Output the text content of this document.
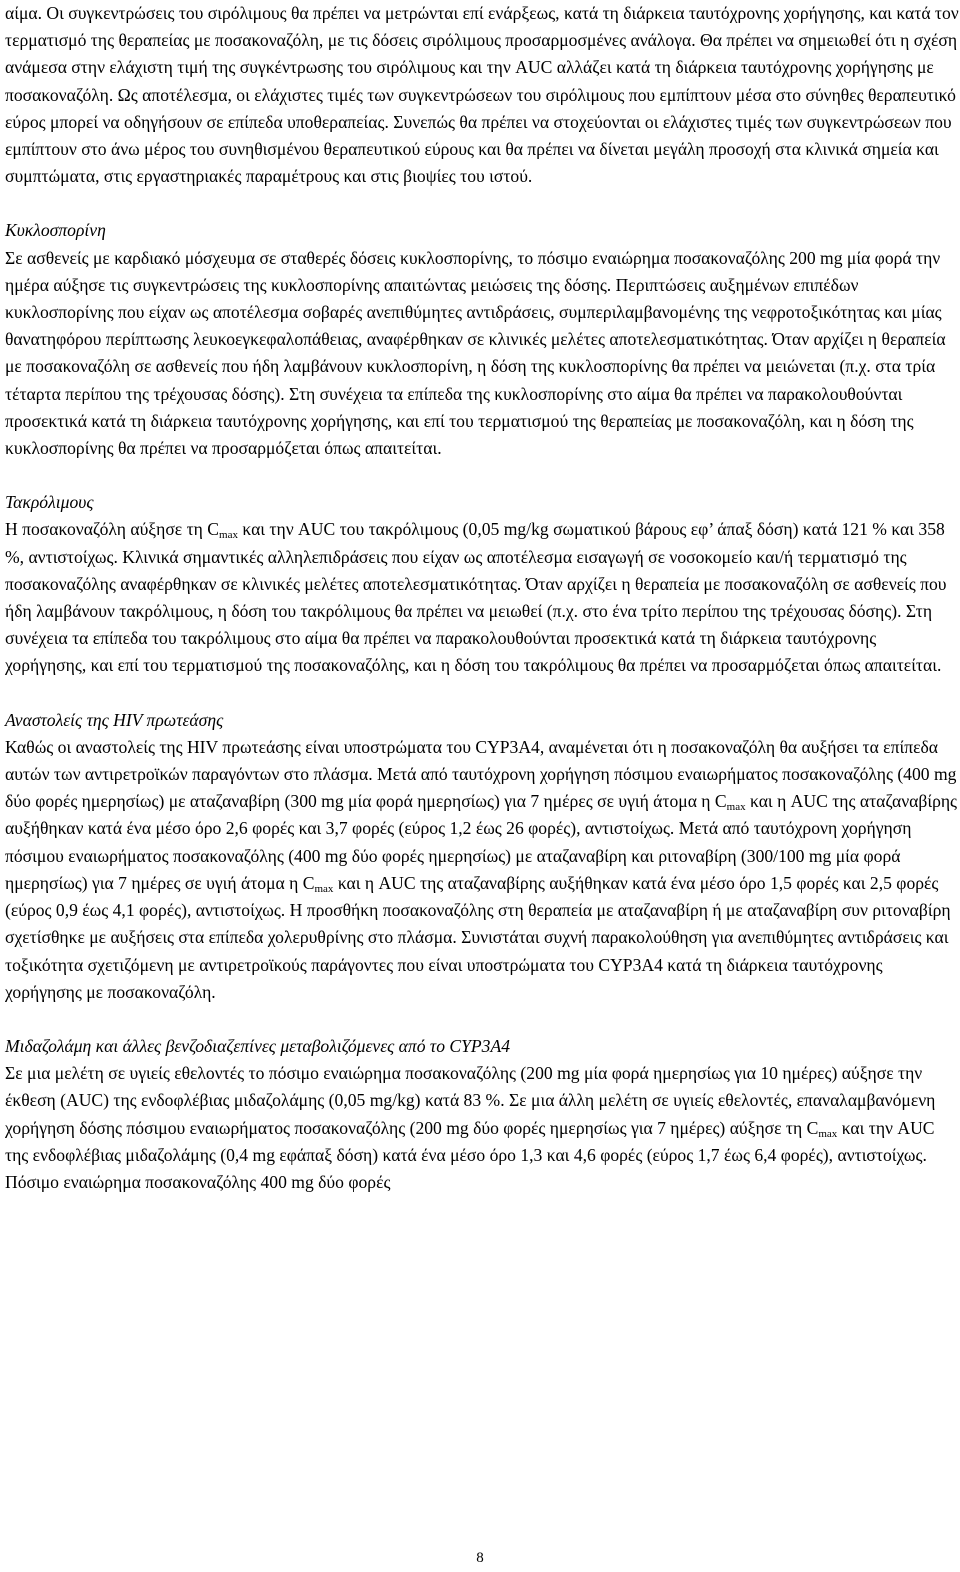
αίμα. Οι συγκεντρώσεις του σιρόλιμους θα πρέπει να μετρώνται επί ενάρξεως, κατά τη διάρκεια ταυτόχρονης χορήγησης, και κατά τον τερματισμό της θεραπείας με ποσακοναζόλη, με τις δόσεις σιρόλιμους προσαρμοσμένες ανάλογα. Θα πρέπει να σημειωθεί ότι η σχέση ανάμεσα στην ελάχιστη τιμή της συγκέντρωσης του σιρόλιμους και την AUC αλλάζει κατά τη διάρκεια ταυτόχρονης χορήγησης με ποσακοναζόλη. Ως αποτέλεσμα, οι ελάχιστες τιμές των συγκεντρώσεων του σιρόλιμους που εμπίπτουν μέσα στο σύνηθες θεραπευτικό εύρος μπορεί να οδηγήσουν σε επίπεδα υποθεραπείας. Συνεπώς θα πρέπει να στοχεύονται οι ελάχιστες τιμές των συγκεντρώσεων που εμπίπτουν στο άνω μέρος του συνηθισμένου θεραπευτικού εύρους και θα πρέπει να δίνεται μεγάλη προσοχή στα κλινικά σημεία και συμπτώματα, στις εργαστηριακές παραμέτρους και στις βιοψίες του ιστού.

Κυκλοσπορίνη

Σε ασθενείς με καρδιακό μόσχευμα σε σταθερές δόσεις κυκλοσπορίνης, το πόσιμο εναιώρημα ποσακοναζόλης 200 mg μία φορά την ημέρα αύξησε τις συγκεντρώσεις της κυκλοσπορίνης απαιτώντας μειώσεις της δόσης. Περιπτώσεις αυξημένων επιπέδων κυκλοσπορίνης που είχαν ως αποτέλεσμα σοβαρές ανεπιθύμητες αντιδράσεις, συμπεριλαμβανομένης της νεφροτοξικότητας και μίας θανατηφόρου περίπτωσης λευκοεγκεφαλοπάθειας, αναφέρθηκαν σε κλινικές μελέτες αποτελεσματικότητας. Όταν αρχίζει η θεραπεία με ποσακοναζόλη σε ασθενείς που ήδη λαμβάνουν κυκλοσπορίνη, η δόση της κυκλοσπορίνης θα πρέπει να μειώνεται (π.χ. στα τρία τέταρτα περίπου της τρέχουσας δόσης). Στη συνέχεια τα επίπεδα της κυκλοσπορίνης στο αίμα θα πρέπει να παρακολουθούνται προσεκτικά κατά τη διάρκεια ταυτόχρονης χορήγησης, και επί του τερματισμού της θεραπείας με ποσακοναζόλη, και η δόση της κυκλοσπορίνης θα πρέπει να προσαρμόζεται όπως απαιτείται.

Τακρόλιμους

Η ποσακοναζόλη αύξησε τη $C_{max}$ και την AUC του τακρόλιμους (0,05 mg/kg σωματικού βάρους εφ’ άπαξ δόση) κατά 121 % και 358 %, αντιστοίχως. Κλινικά σημαντικές αλληλεπιδράσεις που είχαν ως αποτέλεσμα εισαγωγή σε νοσοκομείο και/ή τερματισμό της ποσακοναζόλης αναφέρθηκαν σε κλινικές μελέτες αποτελεσματικότητας. Όταν αρχίζει η θεραπεία με ποσακοναζόλη σε ασθενείς που ήδη λαμβάνουν τακρόλιμους, η δόση του τακρόλιμους θα πρέπει να μειωθεί (π.χ. στο ένα τρίτο περίπου της τρέχουσας δόσης). Στη συνέχεια τα επίπεδα του τακρόλιμους στο αίμα θα πρέπει να παρακολουθούνται προσεκτικά κατά τη διάρκεια ταυτόχρονης χορήγησης, και επί του τερματισμού της ποσακοναζόλης, και η δόση του τακρόλιμους θα πρέπει να προσαρμόζεται όπως απαιτείται.

Αναστολείς της HIV πρωτεάσης

Καθώς οι αναστολείς της HIV πρωτεάσης είναι υποστρώματα του CYP3A4, αναμένεται ότι η ποσακοναζόλη θα αυξήσει τα επίπεδα αυτών των αντιρετροϊκών παραγόντων στο πλάσμα. Μετά από ταυτόχρονη χορήγηση πόσιμου εναιωρήματος ποσακοναζόλης (400 mg δύο φορές ημερησίως) με αταζαναβίρη (300 mg μία φορά ημερησίως) για 7 ημέρες σε υγιή άτομα η $C_{max}$ και η AUC της αταζαναβίρης αυξήθηκαν κατά ένα μέσο όρο 2,6 φορές και 3,7 φορές (εύρος 1,2 έως 26 φορές), αντιστοίχως. Μετά από ταυτόχρονη χορήγηση πόσιμου εναιωρήματος ποσακοναζόλης (400 mg δύο φορές ημερησίως) με αταζαναβίρη και ριτοναβίρη (300/100 mg μία φορά ημερησίως) για 7 ημέρες σε υγιή άτομα η $C_{max}$ και η AUC της αταζαναβίρης αυξήθηκαν κατά ένα μέσο όρο 1,5 φορές και 2,5 φορές (εύρος 0,9 έως 4,1 φορές), αντιστοίχως. Η προσθήκη ποσακοναζόλης στη θεραπεία με αταζαναβίρη ή με αταζαναβίρη συν ριτοναβίρη σχετίσθηκε με αυξήσεις στα επίπεδα χολερυθρίνης στο πλάσμα. Συνιστάται συχνή παρακολούθηση για ανεπιθύμητες αντιδράσεις και τοξικότητα σχετιζόμενη με αντιρετροϊκούς παράγοντες που είναι υποστρώματα του CYP3A4 κατά τη διάρκεια ταυτόχρονης χορήγησης με ποσακοναζόλη.

Μιδαζολάμη και άλλες βενζοδιαζεπίνες μεταβολιζόμενες από το CYP3A4

Σε μια μελέτη σε υγιείς εθελοντές το πόσιμο εναιώρημα ποσακοναζόλης (200 mg μία φορά ημερησίως για 10 ημέρες) αύξησε την έκθεση (AUC) της ενδοφλέβιας μιδαζολάμης (0,05 mg/kg) κατά 83 %. Σε μια άλλη μελέτη σε υγιείς εθελοντές, επαναλαμβανόμενη χορήγηση δόσης πόσιμου εναιωρήματος ποσακοναζόλης (200 mg δύο φορές ημερησίως για 7 ημέρες) αύξησε τη $C_{max}$ και την AUC της ενδοφλέβιας μιδαζολάμης (0,4 mg εφάπαξ δόση) κατά ένα μέσο όρο 1,3 και 4,6 φορές (εύρος 1,7 έως 6,4 φορές), αντιστοίχως. Πόσιμο εναιώρημα ποσακοναζόλης 400 mg δύο φορές

8
